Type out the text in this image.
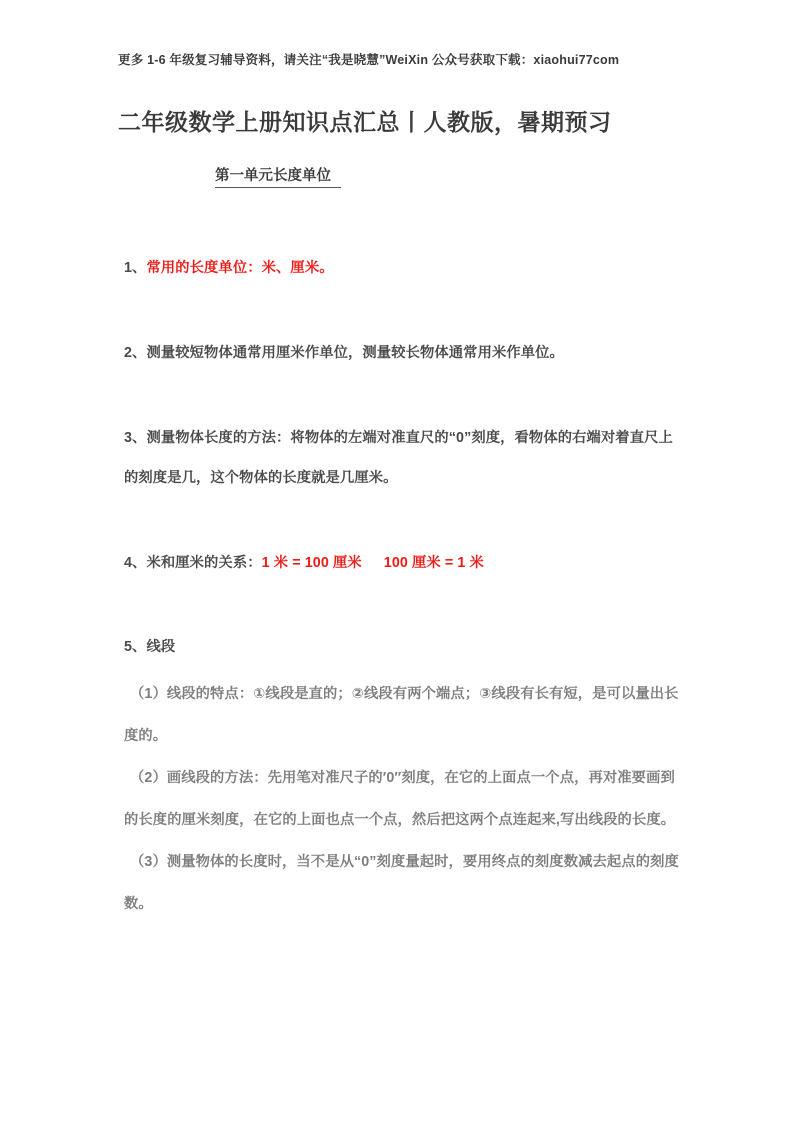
更多 1-6 年级复习辅导资料，请关注“我是晓慧”WeiXin 公众号获取下载：xiaohui77com
二年级数学上册知识点汇总丨人教版，暑期预习
第一单元长度单位
1、常用的长度单位：米、厘米。
2、测量较短物体通常用厘米作单位，测量较长物体通常用米作单位。
3、测量物体长度的方法：将物体的左端对准直尺的“0”刻度，看物体的右端对着直尺上的刻度是几，这个物体的长度就是几厘米。
4、米和厘米的关系：1 米 = 100 厘米 100 厘米 = 1 米
5、线段
（1）线段的特点：①线段是直的；②线段有两个端点；③线段有长有短，是可以量出长度的。
（2）画线段的方法：先用笔对准尺子的′0″刻度，在它的上面点一个点，再对准要画到的长度的厘米刻度，在它的上面也点一个点，然后把这两个点连起来,写出线段的长度。
（3）测量物体的长度时，当不是从“0”刻度量起时，要用终点的刻度数减去起点的刻度数。
